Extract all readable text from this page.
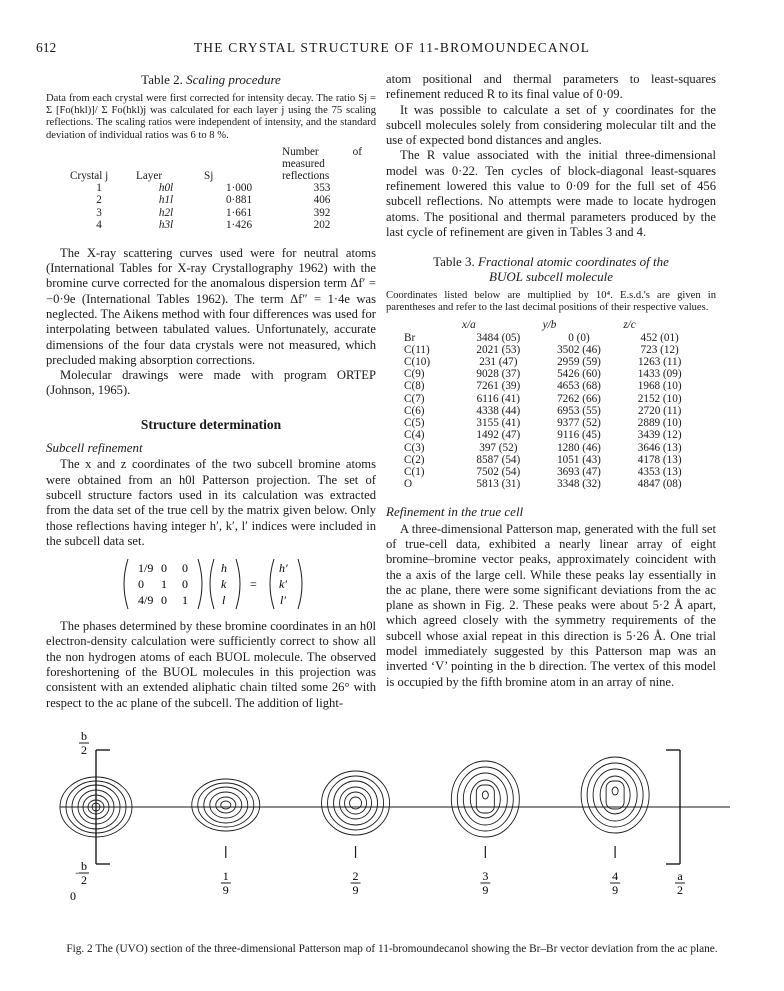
612	THE CRYSTAL STRUCTURE OF 11-BROMOUNDECANOL
Table 2. Scaling procedure
Data from each crystal were first corrected for intensity decay. The ratio Sj = Σ [Fo(hkl)]/ Σ Fo(hkl)j was calculated for each layer j using the 75 scaling reflections. The scaling ratios were independent of intensity, and the standard deviation of individual ratios was 6 to 8 %.
Crystal j	Layer	Sj	Number of measured reflections
1	h0l	1·000	353
2	h1l	0·881	406
3	h2l	1·661	392
4	h3l	1·426	202

The X-ray scattering curves used were for neutral atoms (International Tables for X-ray Crystallography 1962) with the bromine curve corrected for the anomalous dispersion term Δf′ = −0·9e (International Tables 1962). The term Δf″ = 1·4e was neglected. The Aikens method with four differences was used for interpolating between tabulated values. Unfortunately, accurate dimensions of the four data crystals were not measured, which precluded making absorption corrections.

Molecular drawings were made with program ORTEP (Johnson, 1965).

Structure determination
Subcell refinement

The x and z coordinates of the two subcell bromine atoms were obtained from an h0l Patterson projection. The set of subcell structure factors used in its calculation was extracted from the data set of the true cell by the matrix given below. Only those reflections having integer h′, k′, l′ indices were included in the subcell data set.

1/9 0 0
0 1 0
4/9 0 1
h
k
l
=
h′
k′
l′

The phases determined by these bromine coordinates in an h0l electron-density calculation were sufficiently correct to show all the non hydrogen atoms of each BUOL molecule. The observed foreshortening of the BUOL molecules in this projection was consistent with an extended aliphatic chain tilted some 26° with respect to the ac plane of the subcell. The addition of light-

atom positional and thermal parameters to least-squares refinement reduced R to its final value of 0·09.

It was possible to calculate a set of y coordinates for the subcell molecules solely from considering molecular tilt and the use of expected bond distances and angles.

The R value associated with the initial three-dimensional model was 0·22. Ten cycles of block-diagonal least-squares refinement lowered this value to 0·09 for the full set of 456 subcell reflections. No attempts were made to locate hydrogen atoms. The positional and thermal parameters produced by the last cycle of refinement are given in Tables 3 and 4.

Table 3. Fractional atomic coordinates of the
BUOL subcell molecule
Coordinates listed below are multiplied by 10⁴. E.s.d.'s are given in parentheses and refer to the last decimal positions of their respective values.
	x/a	y/b	z/c
Br	3484 (05)	0 (0)	452 (01)
C(11)	2021 (53)	3502 (46)	723 (12)
C(10)	231 (47)	2959 (59)	1263 (11)
C(9)	9028 (37)	5426 (60)	1433 (09)
C(8)	7261 (39)	4653 (68)	1968 (10)
C(7)	6116 (41)	7262 (66)	2152 (10)
C(6)	4338 (44)	6953 (55)	2720 (11)
C(5)	3155 (41)	9377 (52)	2889 (10)
C(4)	1492 (47)	9116 (45)	3439 (12)
C(3)	397 (52)	1280 (46)	3646 (13)
C(2)	8587 (54)	1051 (43)	4178 (13)
C(1)	7502 (54)	3693 (47)	4353 (13)
O	5813 (31)	3348 (32)	4847 (08)
Refinement in the true cell

A three-dimensional Patterson map, generated with the full set of true-cell data, exhibited a nearly linear array of eight bromine–bromine vector peaks, approximately coincident with the a axis of the large cell. While these peaks lay essentially in the ac plane, there were some significant deviations from the ac plane as shown in Fig. 2. These peaks were about 5·2 Å apart, which agreed closely with the symmetry requirements of the subcell whose axial repeat in this direction is 5·26 Å. One trial model immediately suggested by this Patterson map was an inverted ‘V’ pointing in the b direction. The vertex of this model is occupied by the fifth bromine atom in an array of nine.

b
2
− b
2
0
1
9
2
9
3
9
4
9
a
2
Fig. 2 The (UVO) section of the three-dimensional Patterson map of 11-bromoundecanol showing the Br–Br vector deviation from the ac plane.
